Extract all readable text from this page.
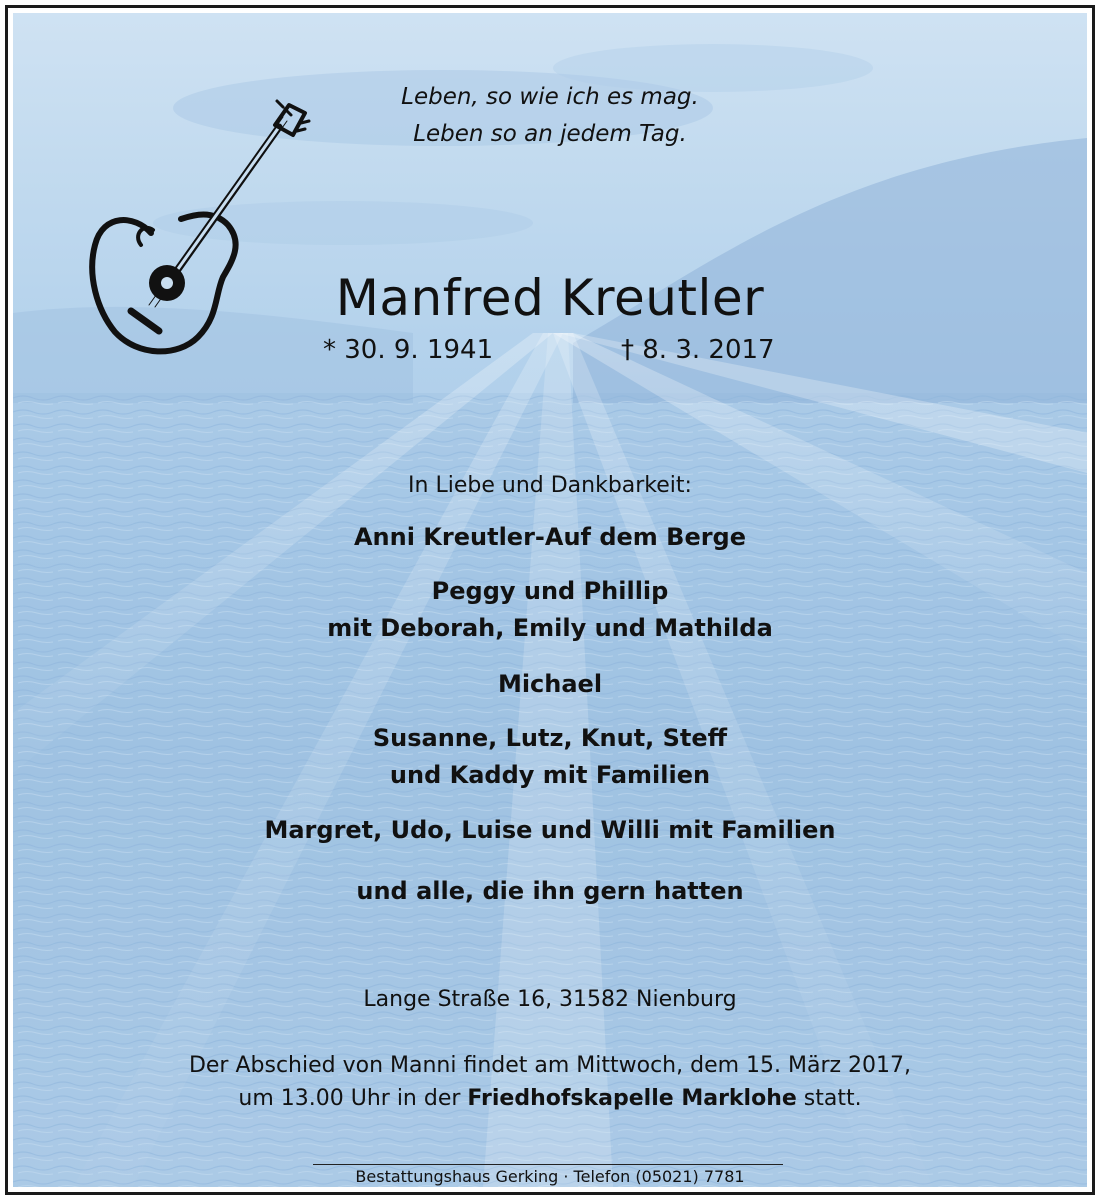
Leben, so wie ich es mag.
Leben so an jedem Tag.
Manfred Kreutler
* 30. 9. 1941	† 8. 3. 2017
In Liebe und Dankbarkeit:
Anni Kreutler-Auf dem Berge
Peggy und Phillip
mit Deborah, Emily und Mathilda
Michael
Susanne, Lutz, Knut, Steff
und Kaddy mit Familien
Margret, Udo, Luise und Willi mit Familien
und alle, die ihn gern hatten
Lange Straße 16, 31582 Nienburg
Der Abschied von Manni findet am Mittwoch, dem 15. März 2017,
um 13.00 Uhr in der Friedhofskapelle Marklohe statt.
Bestattungshaus Gerking · Telefon (05021) 7781
